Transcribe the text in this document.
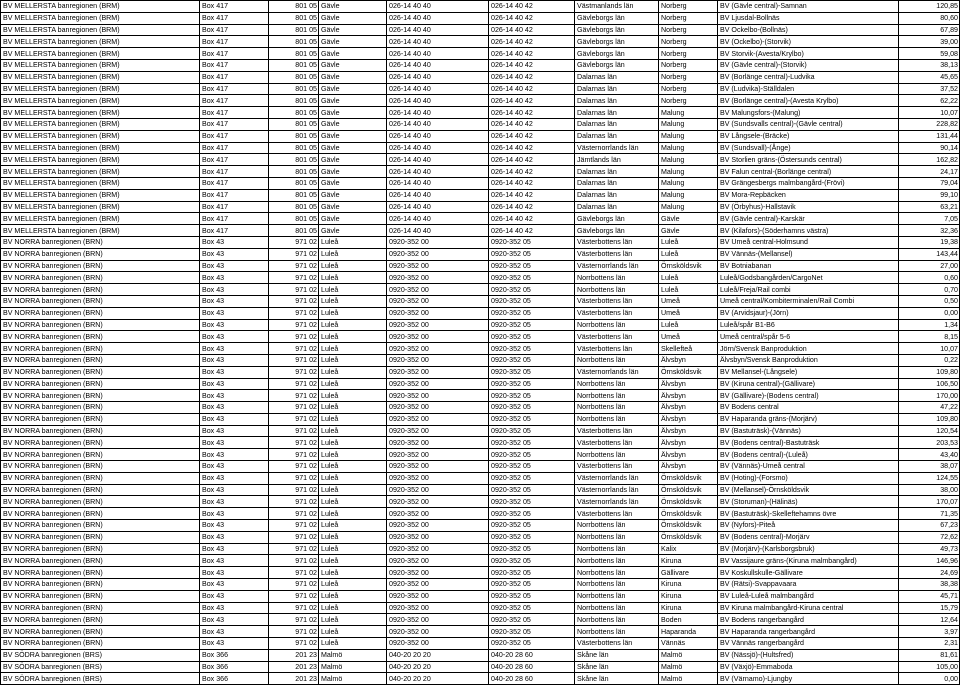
BV MELLERSTA banregionen (BRM)	Box 417	801 05	Gävle	026-14 40 40	026-14 40 42	Västmanlands län	Norberg	BV (Gävle central)-Samnan	120,85
BV MELLERSTA banregionen (BRM)	Box 417	801 05	Gävle	026-14 40 40	026-14 40 42	Gävleborgs län	Norberg	BV Ljusdal-Bollnäs	80,60
BV MELLERSTA banregionen (BRM)	Box 417	801 05	Gävle	026-14 40 40	026-14 40 42	Gävleborgs län	Norberg	BV Ockelbo-(Bollnäs)	67,89
BV MELLERSTA banregionen (BRM)	Box 417	801 05	Gävle	026-14 40 40	026-14 40 42	Gävleborgs län	Norberg	BV (Ockelbo)-(Storvik)	39,00
BV MELLERSTA banregionen (BRM)	Box 417	801 05	Gävle	026-14 40 40	026-14 40 42	Gävleborgs län	Norberg	BV Storvik-(Avesta/Krylbo)	59,08
BV MELLERSTA banregionen (BRM)	Box 417	801 05	Gävle	026-14 40 40	026-14 40 42	Gävleborgs län	Norberg	BV (Gävle central)-(Storvik)	38,13
BV MELLERSTA banregionen (BRM)	Box 417	801 05	Gävle	026-14 40 40	026-14 40 42	Dalarnas län	Norberg	BV (Borlänge central)-Ludvika	45,65
BV MELLERSTA banregionen (BRM)	Box 417	801 05	Gävle	026-14 40 40	026-14 40 42	Dalarnas län	Norberg	BV (Ludvika)-Ställdalen	37,52
BV MELLERSTA banregionen (BRM)	Box 417	801 05	Gävle	026-14 40 40	026-14 40 42	Dalarnas län	Norberg	BV (Borlänge central)-(Avesta Krylbo)	62,22
BV MELLERSTA banregionen (BRM)	Box 417	801 05	Gävle	026-14 40 40	026-14 40 42	Dalarnas län	Malung	BV Malungsfors-(Malung)	10,07
BV MELLERSTA banregionen (BRM)	Box 417	801 05	Gävle	026-14 40 40	026-14 40 42	Dalarnas län	Malung	BV (Sundsvalls central)-(Gävle central)	228,82
BV MELLERSTA banregionen (BRM)	Box 417	801 05	Gävle	026-14 40 40	026-14 40 42	Dalarnas län	Malung	BV Långsele-(Bräcke)	131,44
BV MELLERSTA banregionen (BRM)	Box 417	801 05	Gävle	026-14 40 40	026-14 40 42	Västernorrlands län	Malung	BV (Sundsvall)-(Ånge)	90,14
BV MELLERSTA banregionen (BRM)	Box 417	801 05	Gävle	026-14 40 40	026-14 40 42	Jämtlands län	Malung	BV Storlien gräns-(Östersunds central)	162,82
BV MELLERSTA banregionen (BRM)	Box 417	801 05	Gävle	026-14 40 40	026-14 40 42	Dalarnas län	Malung	BV Falun central-(Borlänge central)	24,17
BV MELLERSTA banregionen (BRM)	Box 417	801 05	Gävle	026-14 40 40	026-14 40 42	Dalarnas län	Malung	BV Grängesbergs malmbangård-(Frövi)	79,04
BV MELLERSTA banregionen (BRM)	Box 417	801 05	Gävle	026-14 40 40	026-14 40 42	Dalarnas län	Malung	BV Mora-Repbäcken	99,10
BV MELLERSTA banregionen (BRM)	Box 417	801 05	Gävle	026-14 40 40	026-14 40 42	Dalarnas län	Malung	BV (Örbyhus)-Hallstavik	63,21
BV MELLERSTA banregionen (BRM)	Box 417	801 05	Gävle	026-14 40 40	026-14 40 42	Gävleborgs län	Gävle	BV (Gävle central)-Karskär	7,05
BV MELLERSTA banregionen (BRM)	Box 417	801 05	Gävle	026-14 40 40	026-14 40 42	Gävleborgs län	Gävle	BV (Kilafors)-(Söderhamns västra)	32,36
BV NORRA banregionen (BRN)	Box 43	971 02	Luleå	0920-352 00	0920-352 05	Västerbottens län	Luleå	BV Umeå central-Holmsund	19,38
BV NORRA banregionen (BRN)	Box 43	971 02	Luleå	0920-352 00	0920-352 05	Västerbottens län	Luleå	BV Vännäs-(Mellansel)	143,44
BV NORRA banregionen (BRN)	Box 43	971 02	Luleå	0920-352 00	0920-352 05	Västernorrlands län	Örnsköldsvik	BV Botniabanan	27,00
BV NORRA banregionen (BRN)	Box 43	971 02	Luleå	0920-352 00	0920-352 05	Norrbottens län	Luleå	Luleå/Godsbangården/CargoNet	0,60
BV NORRA banregionen (BRN)	Box 43	971 02	Luleå	0920-352 00	0920-352 05	Norrbottens län	Luleå	Luleå/Freja/Rail combi	0,70
BV NORRA banregionen (BRN)	Box 43	971 02	Luleå	0920-352 00	0920-352 05	Västerbottens län	Umeå	Umeå central/Kombiterminalen/Rail Combi	0,50
BV NORRA banregionen (BRN)	Box 43	971 02	Luleå	0920-352 00	0920-352 05	Västerbottens län	Umeå	BV (Arvidsjaur)-(Jörn)	0,00
BV NORRA banregionen (BRN)	Box 43	971 02	Luleå	0920-352 00	0920-352 05	Norrbottens län	Luleå	Luleå/spår B1-B6	1,34
BV NORRA banregionen (BRN)	Box 43	971 02	Luleå	0920-352 00	0920-352 05	Västerbottens län	Umeå	Umeå central/spår 5-6	8,15
BV NORRA banregionen (BRN)	Box 43	971 02	Luleå	0920-352 00	0920-352 05	Västerbottens län	Skellefteå	Jörn/Svensk Banproduktion	10,07
BV NORRA banregionen (BRN)	Box 43	971 02	Luleå	0920-352 00	0920-352 05	Norrbottens län	Älvsbyn	Älvsbyn/Svensk Banproduktion	0,22
BV NORRA banregionen (BRN)	Box 43	971 02	Luleå	0920-352 00	0920-352 05	Västernorrlands län	Örnsköldsvik	BV Mellansel-(Långsele)	109,80
BV NORRA banregionen (BRN)	Box 43	971 02	Luleå	0920-352 00	0920-352 05	Norrbottens län	Älvsbyn	BV (Kiruna central)-(Gällivare)	106,50
BV NORRA banregionen (BRN)	Box 43	971 02	Luleå	0920-352 00	0920-352 05	Norrbottens län	Älvsbyn	BV (Gällivare)-(Bodens central)	170,00
BV NORRA banregionen (BRN)	Box 43	971 02	Luleå	0920-352 00	0920-352 05	Norrbottens län	Älvsbyn	BV Bodens central	47,22
BV NORRA banregionen (BRN)	Box 43	971 02	Luleå	0920-352 00	0920-352 05	Norrbottens län	Älvsbyn	BV Haparanda gräns-(Morjärv)	109,80
BV NORRA banregionen (BRN)	Box 43	971 02	Luleå	0920-352 00	0920-352 05	Västerbottens län	Älvsbyn	BV (Bastuträsk)-(Vännäs)	120,54
BV NORRA banregionen (BRN)	Box 43	971 02	Luleå	0920-352 00	0920-352 05	Västerbottens län	Älvsbyn	BV (Bodens central)-Bastuträsk	203,53
BV NORRA banregionen (BRN)	Box 43	971 02	Luleå	0920-352 00	0920-352 05	Norrbottens län	Älvsbyn	BV (Bodens central)-(Luleå)	43,40
BV NORRA banregionen (BRN)	Box 43	971 02	Luleå	0920-352 00	0920-352 05	Västerbottens län	Älvsbyn	BV (Vännäs)-Umeå central	38,07
BV NORRA banregionen (BRN)	Box 43	971 02	Luleå	0920-352 00	0920-352 05	Västernorrlands län	Örnsköldsvik	BV (Hoting)-(Forsmo)	124,55
BV NORRA banregionen (BRN)	Box 43	971 02	Luleå	0920-352 00	0920-352 05	Västernorrlands län	Örnsköldsvik	BV (Mellansel)-Örnsköldsvik	38,00
BV NORRA banregionen (BRN)	Box 43	971 02	Luleå	0920-352 00	0920-352 05	Västernorrlands län	Örnsköldsvik	BV (Storuman)-(Hälinäs)	170,07
BV NORRA banregionen (BRN)	Box 43	971 02	Luleå	0920-352 00	0920-352 05	Västerbottens län	Örnsköldsvik	BV (Bastuträsk)-Skelleftehamns övre	71,35
BV NORRA banregionen (BRN)	Box 43	971 02	Luleå	0920-352 00	0920-352 05	Norrbottens län	Örnsköldsvik	BV (Nyfors)-Piteå	67,23
BV NORRA banregionen (BRN)	Box 43	971 02	Luleå	0920-352 00	0920-352 05	Norrbottens län	Örnsköldsvik	BV (Bodens central)-Morjärv	72,62
BV NORRA banregionen (BRN)	Box 43	971 02	Luleå	0920-352 00	0920-352 05	Norrbottens län	Kalix	BV (Morjärv)-(Karlsborgsbruk)	49,73
BV NORRA banregionen (BRN)	Box 43	971 02	Luleå	0920-352 00	0920-352 05	Norrbottens län	Kiruna	BV Vassijaure gräns-(Kiruna malmbangård)	146,96
BV NORRA banregionen (BRN)	Box 43	971 02	Luleå	0920-352 00	0920-352 05	Norrbottens län	Gällivare	BV Koskullskulle-Gällivare	24,69
BV NORRA banregionen (BRN)	Box 43	971 02	Luleå	0920-352 00	0920-352 05	Norrbottens län	Kiruna	BV (Rätsi)-Svappavaara	38,38
BV NORRA banregionen (BRN)	Box 43	971 02	Luleå	0920-352 00	0920-352 05	Norrbottens län	Kiruna	BV Luleå-Luleå malmbangård	45,71
BV NORRA banregionen (BRN)	Box 43	971 02	Luleå	0920-352 00	0920-352 05	Norrbottens län	Kiruna	BV Kiruna malmbangård-Kiruna central	15,79
BV NORRA banregionen (BRN)	Box 43	971 02	Luleå	0920-352 00	0920-352 05	Norrbottens län	Boden	BV Bodens rangerbangård	12,64
BV NORRA banregionen (BRN)	Box 43	971 02	Luleå	0920-352 00	0920-352 05	Norrbottens län	Haparanda	BV Haparanda rangerbangård	3,97
BV NORRA banregionen (BRN)	Box 43	971 02	Luleå	0920-352 00	0920-352 05	Västerbottens län	Vännäs	BV Vännäs rangerbangård	2,31
BV SÖDRA banregionen (BRS)	Box 366	201 23	Malmö	040-20 20 20	040-20 28 60	Skåne län	Malmö	BV (Nässjö)-(Hultsfred)	81,61
BV SÖDRA banregionen (BRS)	Box 366	201 23	Malmö	040-20 20 20	040-20 28 60	Skåne län	Malmö	BV (Växjö)-Emmaboda	105,00
BV SÖDRA banregionen (BRS)	Box 366	201 23	Malmö	040-20 20 20	040-20 28 60	Skåne län	Malmö	BV (Värnamo)-Ljungby	0,00
